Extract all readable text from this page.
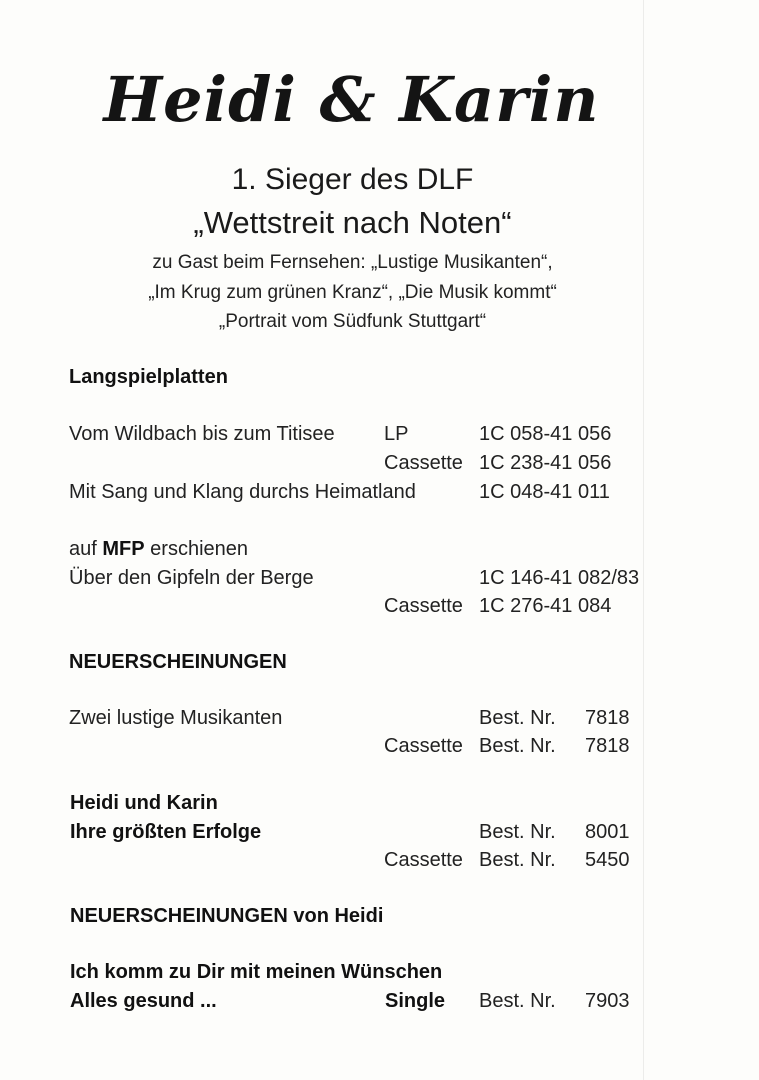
Heidi & Karin
1. Sieger des DLF
„Wettstreit nach Noten“
zu Gast beim Fernsehen: „Lustige Musikanten“,
„Im Krug zum grünen Kranz“, „Die Musik kommt“
„Portrait vom Südfunk Stuttgart“
Langspielplatten
Vom Wildbach bis zum Titisee LP	1C 058-41 056
Cassette 1C 238-41 056
Mit Sang und Klang durchs Heimatland	1C 048-41 011
auf MFP erschienen
Über den Gipfeln der Berge	1C 146-41 082/83
Cassette 1C 276-41 084
NEUERSCHEINUNGEN
Zwei lustige Musikanten	Best. Nr. 7818
Cassette Best. Nr. 7818
Heidi und Karin
Ihre größten Erfolge	Best. Nr. 8001
Cassette Best. Nr. 5450
NEUERSCHEINUNGEN von Heidi
Ich komm zu Dir mit meinen Wünschen
Alles gesund ...	Single Best. Nr. 7903
